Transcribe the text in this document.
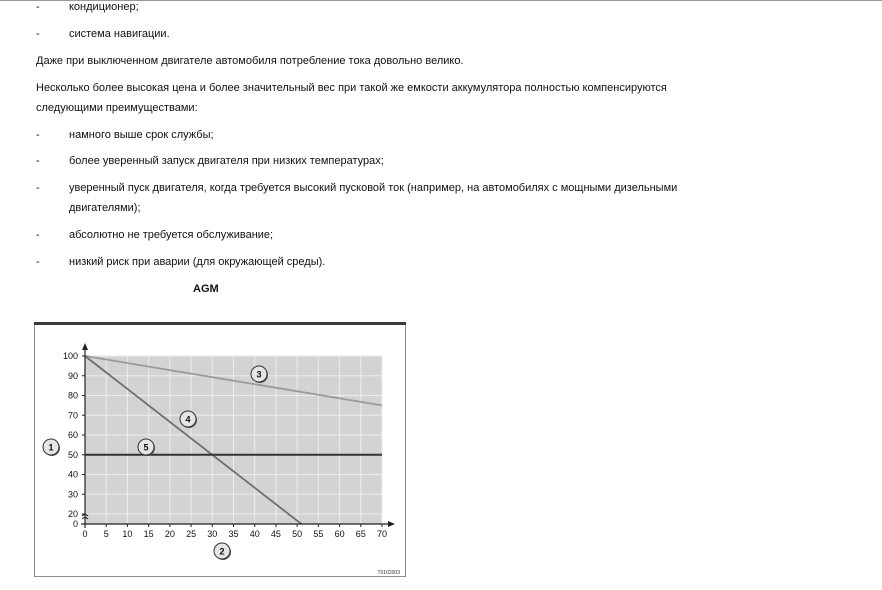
-	кондиционер;
-	система навигации.
Даже при выключенном двигателе автомобиля потребление тока довольно велико.
Несколько более высокая цена и более значительный вес при такой же емкости аккумулятора полностью компенсируются
следующими преимуществами:
-	намного выше срок службы;
-	более уверенный запуск двигателя при низких температурах;
-	уверенный пуск двигателя, когда требуется высокий пусковой ток (например, на автомобилях с мощными дизельными
двигателями);
-	абсолютно не требуется обслуживание;
-	низкий риск при аварии (для окружающей среды).
AGM
0 5 10 15 20 25 30 35 40 45 50 55 60 65 70
0
20
30
40
50
60
70
80
90
100
1
2
3
4
5
T0102003
